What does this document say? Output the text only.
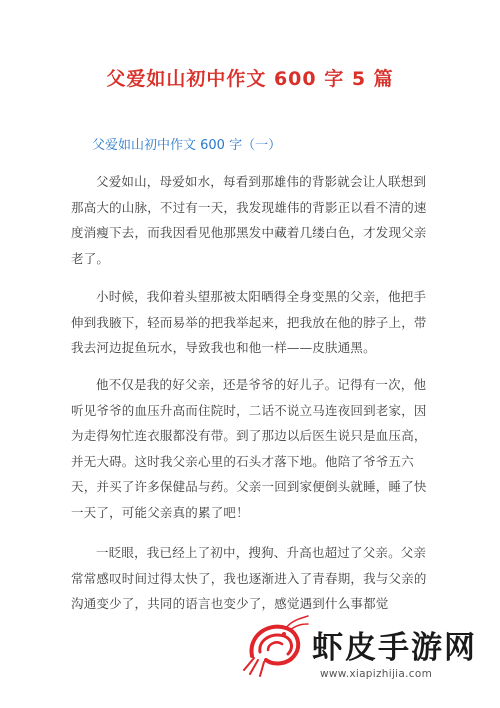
父爱如山初中作文 600 字 5 篇
父爱如山初中作文 600 字（一）

父爱如山，母爱如水，每看到那雄伟的背影就会让人联想到那高大的山脉，不过有一天，我发现雄伟的背影正以看不清的速度消瘦下去，而我因看见他那黑发中藏着几缕白色，才发现父亲老了。

小时候，我仰着头望那被太阳晒得全身变黑的父亲，他把手伸到我腋下，轻而易举的把我举起来，把我放在他的脖子上，带我去河边捉鱼玩水，导致我也和他一样——皮肤通黑。

他不仅是我的好父亲，还是爷爷的好儿子。记得有一次，他听见爷爷的血压升高而住院时，二话不说立马连夜回到老家，因为走得匆忙连衣服都没有带。到了那边以后医生说只是血压高，并无大碍。这时我父亲心里的石头才落下地。他陪了爷爷五六天，并买了许多保健品与药。父亲一回到家便倒头就睡，睡了快一天了，可能父亲真的累了吧！

一眨眼，我已经上了初中，搜狗、升高也超过了父亲。父亲常常感叹时间过得太快了，我也逐渐进入了青春期，我与父亲的沟通变少了，共同的语言也变少了，感觉遇到什么事都觉

虾皮手游网
www.xiapizhijia.com
